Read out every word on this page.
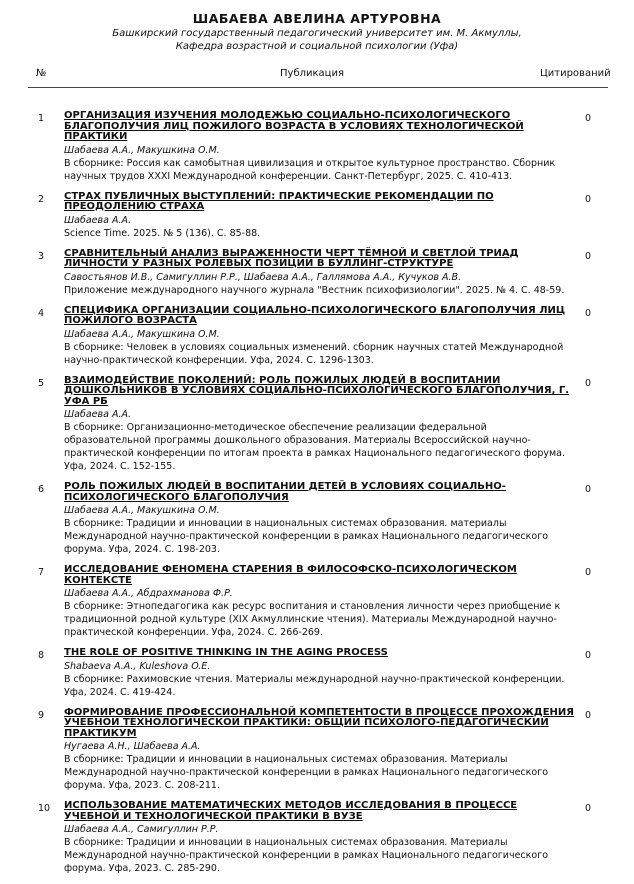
ШАБАЕВА АВЕЛИНА АРТУРОВНА
Башкирский государственный педагогический университет им. М. Акмуллы,
Кафедра возрастной и социальной психологии (Уфа)
№	Публикация	Цитирований
1 ОРГАНИЗАЦИЯ ИЗУЧЕНИЯ МОЛОДЕЖЬЮ СОЦИАЛЬНО-ПСИХОЛОГИЧЕСКОГО БЛАГОПОЛУЧИЯ ЛИЦ ПОЖИЛОГО ВОЗРАСТА В УСЛОВИЯХ ТЕХНОЛОГИЧЕСКОЙ ПРАКТИКИ
Шабаева А.А., Макушкина О.М.
В сборнике: Россия как самобытная цивилизация и открытое культурное пространство. Сборник научных трудов XXXI Международной конференции. Санкт-Петербург, 2025. С. 410-413.
0
2 СТРАХ ПУБЛИЧНЫХ ВЫСТУПЛЕНИЙ: ПРАКТИЧЕСКИЕ РЕКОМЕНДАЦИИ ПО ПРЕОДОЛЕНИЮ СТРАХА
Шабаева А.А.
Science Time. 2025. № 5 (136). С. 85-88.
0
3 СРАВНИТЕЛЬНЫЙ АНАЛИЗ ВЫРАЖЕННОСТИ ЧЕРТ ТЁМНОЙ И СВЕТЛОЙ ТРИАД ЛИЧНОСТИ У РАЗНЫХ РОЛЕВЫХ ПОЗИЦИЙ В БУЛЛИНГ-СТРУКТУРЕ
Савостьянов И.В., Самигуллин Р.Р., Шабаева А.А., Галлямова А.А., Кучуков А.В.
Приложение международного научного журнала "Вестник психофизиологии". 2025. № 4. С. 48-59.
0
4 СПЕЦИФИКА ОРГАНИЗАЦИИ СОЦИАЛЬНО-ПСИХОЛОГИЧЕСКОГО БЛАГОПОЛУЧИЯ ЛИЦ ПОЖИЛОГО ВОЗРАСТА
Шабаева А.А., Макушкина О.М.
В сборнике: Человек в условиях социальных изменений. сборник научных статей Международной научно-практической конференции. Уфа, 2024. С. 1296-1303.
0
5 ВЗАИМОДЕЙСТВИЕ ПОКОЛЕНИЙ: РОЛЬ ПОЖИЛЫХ ЛЮДЕЙ В ВОСПИТАНИИ ДОШКОЛЬНИКОВ В УСЛОВИЯХ СОЦИАЛЬНО-ПСИХОЛОГИЧЕСКОГО БЛАГОПОЛУЧИЯ, Г. УФА РБ
Шабаева А.А.
В сборнике: Организационно-методическое обеспечение реализации федеральной образовательной программы дошкольного образования. Материалы Всероссийской научно-практической конференции по итогам проекта в рамках Национального педагогического форума. Уфа, 2024. С. 152-155.
0
6 РОЛЬ ПОЖИЛЫХ ЛЮДЕЙ В ВОСПИТАНИИ ДЕТЕЙ В УСЛОВИЯХ СОЦИАЛЬНО-ПСИХОЛОГИЧЕСКОГО БЛАГОПОЛУЧИЯ
Шабаева А.А., Макушкина О.М.
В сборнике: Традиции и инновации в национальных системах образования. материалы Международной научно-практической конференции в рамках Национального педагогического форума. Уфа, 2024. С. 198-203.
0
7 ИССЛЕДОВАНИЕ ФЕНОМЕНА СТАРЕНИЯ В ФИЛОСОФСКО-ПСИХОЛОГИЧЕСКОМ КОНТЕКСТЕ
Шабаева А.А., Абдрахманова Ф.Р.
В сборнике: Этнопедагогика как ресурс воспитания и становления личности через приобщение к традиционной родной культуре (XIX Акмуллинские чтения). Материалы Международной научно-практической конференции. Уфа, 2024. С. 266-269.
0
8 THE ROLE OF POSITIVE THINKING IN THE AGING PROCESS
Shabaeva A.A., Kuleshova O.E.
В сборнике: Рахимовские чтения. Материалы международной научно-практической конференции. Уфа, 2024. С. 419-424.
0
9 ФОРМИРОВАНИЕ ПРОФЕССИОНАЛЬНОЙ КОМПЕТЕНТОСТИ В ПРОЦЕССЕ ПРОХОЖДЕНИЯ УЧЕБНОЙ ТЕХНОЛОГИЧЕСКОЙ ПРАКТИКИ: ОБЩИЙ ПСИХОЛОГО-ПЕДАГОГИЧЕСКИЙ ПРАКТИКУМ
Нугаева А.Н., Шабаева А.А.
В сборнике: Традиции и инновации в национальных системах образования. Материалы Международной научно-практической конференции в рамках Национального педагогического форума. Уфа, 2023. С. 208-211.
0
10 ИСПОЛЬЗОВАНИЕ МАТЕМАТИЧЕСКИХ МЕТОДОВ ИССЛЕДОВАНИЯ В ПРОЦЕССЕ УЧЕБНОЙ И ТЕХНОЛОГИЧЕСКОЙ ПРАКТИКИ В ВУЗЕ
Шабаева А.А., Самигуллин Р.Р.
В сборнике: Традиции и инновации в национальных системах образования. Материалы Международной научно-практической конференции в рамках Национального педагогического форума. Уфа, 2023. С. 285-290.
0
